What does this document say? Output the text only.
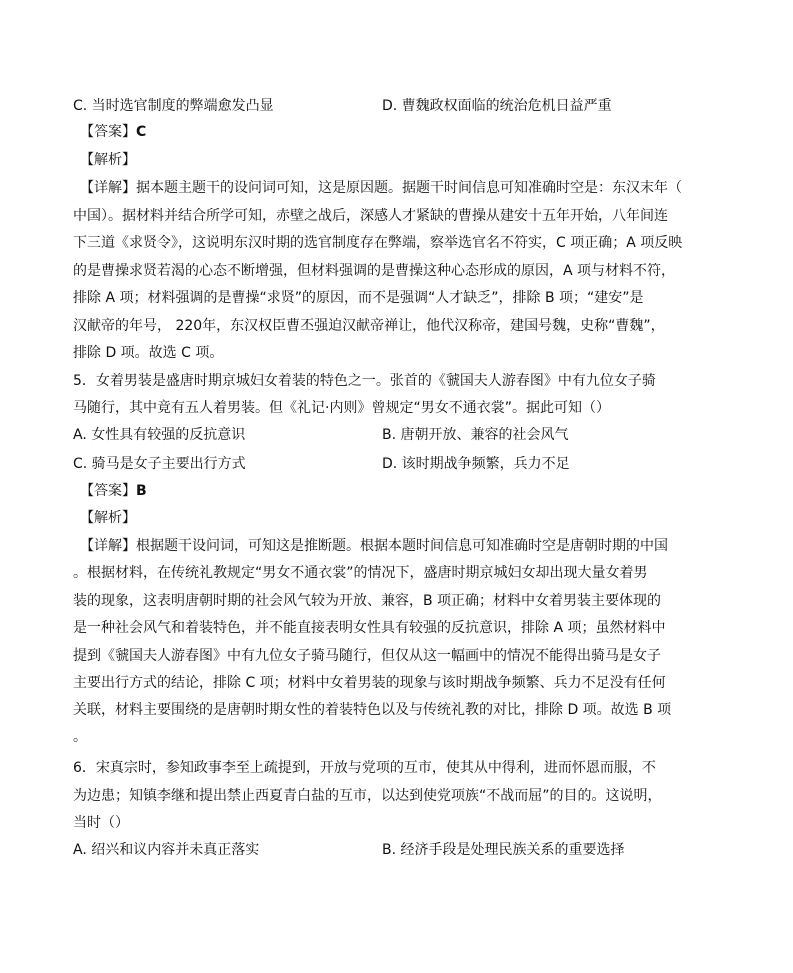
C. 当时选官制度的弊端愈发凸显	D. 曹魏政权面临的统治危机日益严重
【答案】C
【解析】
【详解】据本题主题干的设问词可知，这是原因题。据题干时间信息可知准确时空是：东汉末年（
中国）。据材料并结合所学可知，赤壁之战后，深感人才紧缺的曹操从建安十五年开始，八年间连
下三道《求贤令》，这说明东汉时期的选官制度存在弊端，察举选官名不符实，C 项正确；A 项反映
的是曹操求贤若渴的心态不断增强，但材料强调的是曹操这种心态形成的原因，A 项与材料不符，
排除 A 项；材料强调的是曹操“求贤”的原因，而不是强调“人才缺乏”，排除 B 项；“建安”是
汉献帝的年号， 220年，东汉权臣曹丕强迫汉献帝禅让，他代汉称帝，建国号魏，史称“曹魏”，
排除 D 项。故选 C 项。
5．女着男装是盛唐时期京城妇女着装的特色之一。张首的《虢国夫人游春图》中有九位女子骑
马随行，其中竟有五人着男装。但《礼记·内则》曾规定“男女不通衣裳”。据此可知（）
A. 女性具有较强的反抗意识	B. 唐朝开放、兼容的社会风气
C. 骑马是女子主要出行方式	D. 该时期战争频繁，兵力不足
【答案】B
【解析】
【详解】根据题干设问词，可知这是推断题。根据本题时间信息可知准确时空是唐朝时期的中国
。根据材料，在传统礼教规定“男女不通衣裳”的情况下，盛唐时期京城妇女却出现大量女着男
装的现象，这表明唐朝时期的社会风气较为开放、兼容，B 项正确；材料中女着男装主要体现的
是一种社会风气和着装特色，并不能直接表明女性具有较强的反抗意识，排除 A 项；虽然材料中
提到《虢国夫人游春图》中有九位女子骑马随行，但仅从这一幅画中的情况不能得出骑马是女子
主要出行方式的结论，排除 C 项；材料中女着男装的现象与该时期战争频繁、兵力不足没有任何
关联，材料主要围绕的是唐朝时期女性的着装特色以及与传统礼教的对比，排除 D 项。故选 B 项
。
6．宋真宗时，参知政事李至上疏提到，开放与党项的互市，使其从中得利，进而怀恩而服，不
为边患；知镇李继和提出禁止西夏青白盐的互市，以达到使党项族“不战而屈”的目的。这说明，
当时（）
A. 绍兴和议内容并未真正落实	B. 经济手段是处理民族关系的重要选择
